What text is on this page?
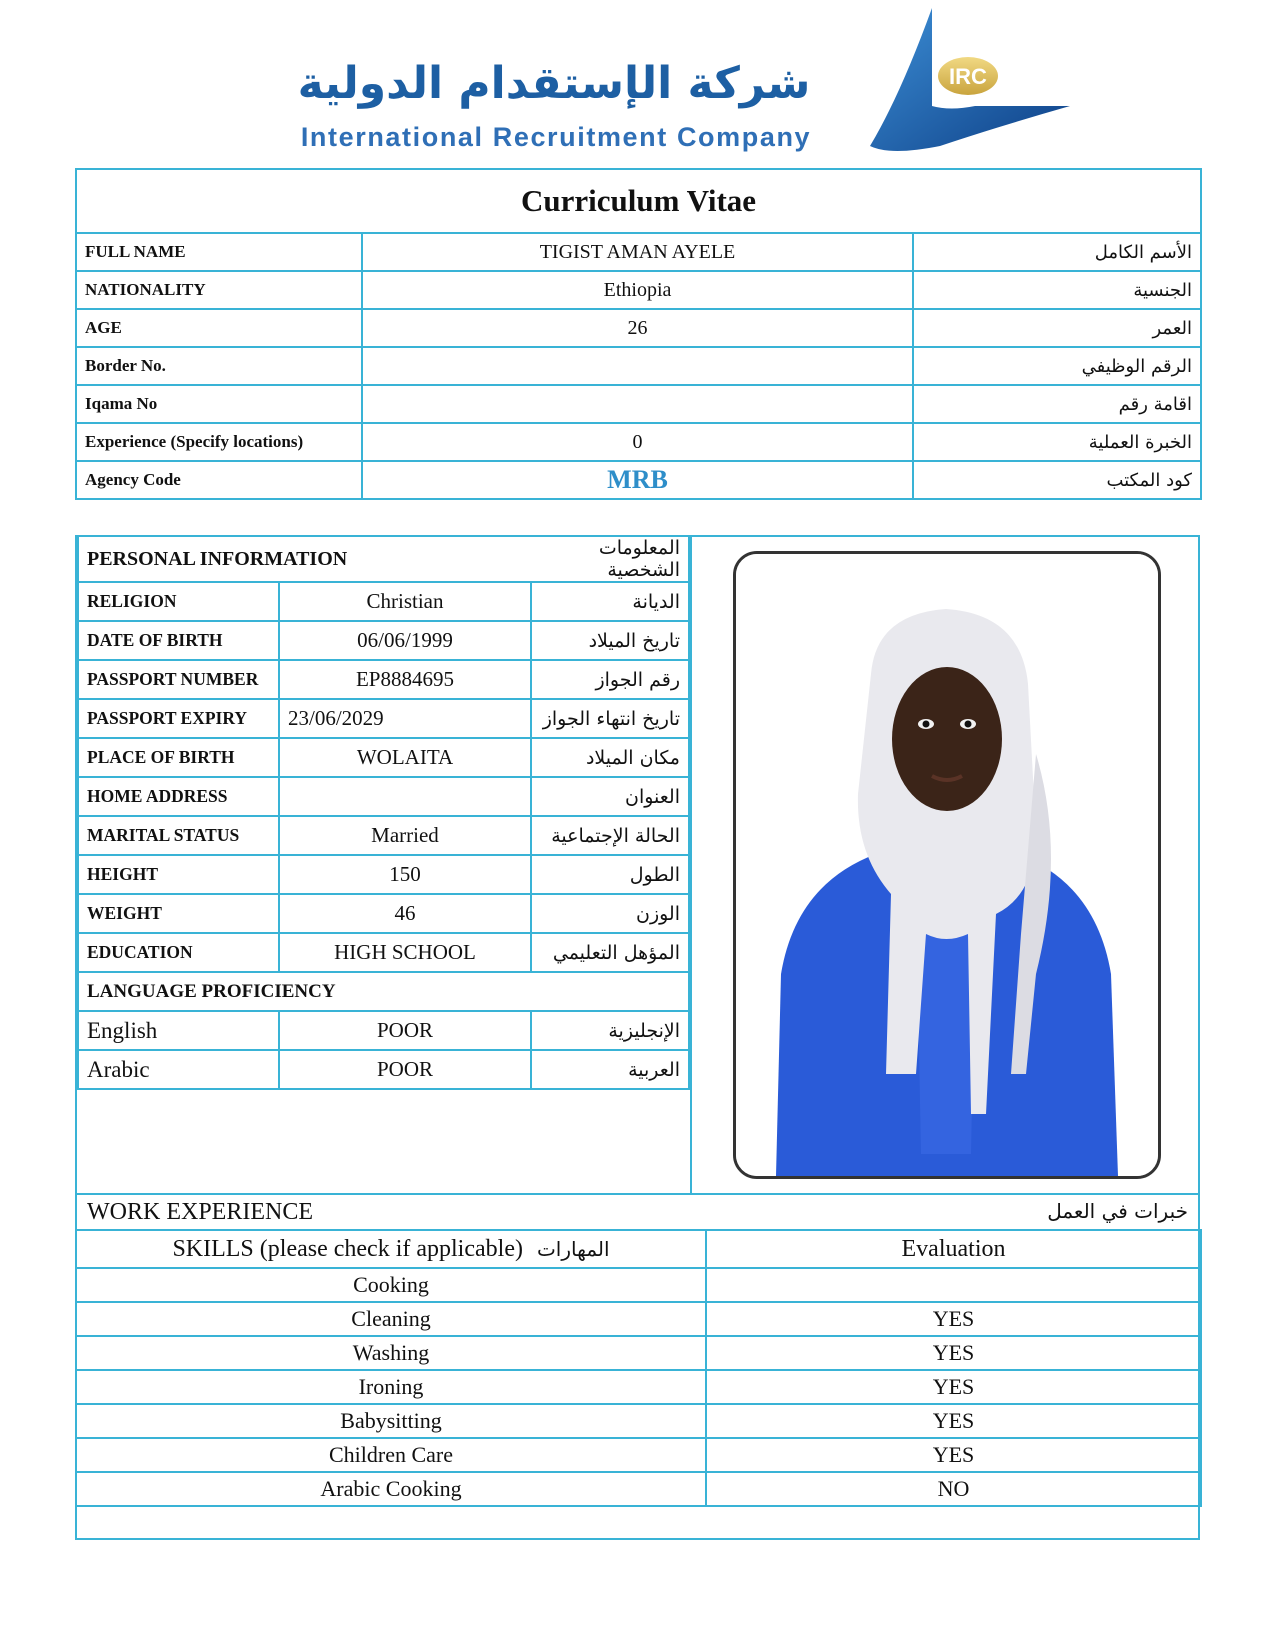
شركة الإستقدام الدولية
International Recruitment Company
IRC
Curriculum Vitae		
FULL NAME	TIGIST AMAN AYELE	الأسم الكامل
NATIONALITY	Ethiopia	الجنسية
AGE	26	العمر
Border No.		الرقم الوظيفي
Iqama No		اقامة رقم
Experience (Specify locations)	0	الخبرة العملية
Agency Code	MRB	كود المكتب
PERSONAL INFORMATION		المعلومات الشخصية
RELIGION	Christian	الديانة
DATE OF BIRTH	06/06/1999	تاريخ الميلاد
PASSPORT NUMBER	EP8884695	رقم الجواز
PASSPORT EXPIRY	23/06/2029	تاريخ انتهاء الجواز
PLACE OF BIRTH	WOLAITA	مكان الميلاد
HOME ADDRESS		العنوان
MARITAL STATUS	Married	الحالة الإجتماعية
HEIGHT	150	الطول
WEIGHT	46	الوزن
EDUCATION	HIGH SCHOOL	المؤهل التعليمي
LANGUAGE PROFICIENCY		
English	POOR	الإنجليزية
Arabic	POOR	العربية
WORK EXPERIENCE	خبرات في العمل
SKILLS (please check if applicable) المهارات	Evaluation
Cooking	
Cleaning	YES
Washing	YES
Ironing	YES
Babysitting	YES
Children Care	YES
Arabic Cooking	NO
